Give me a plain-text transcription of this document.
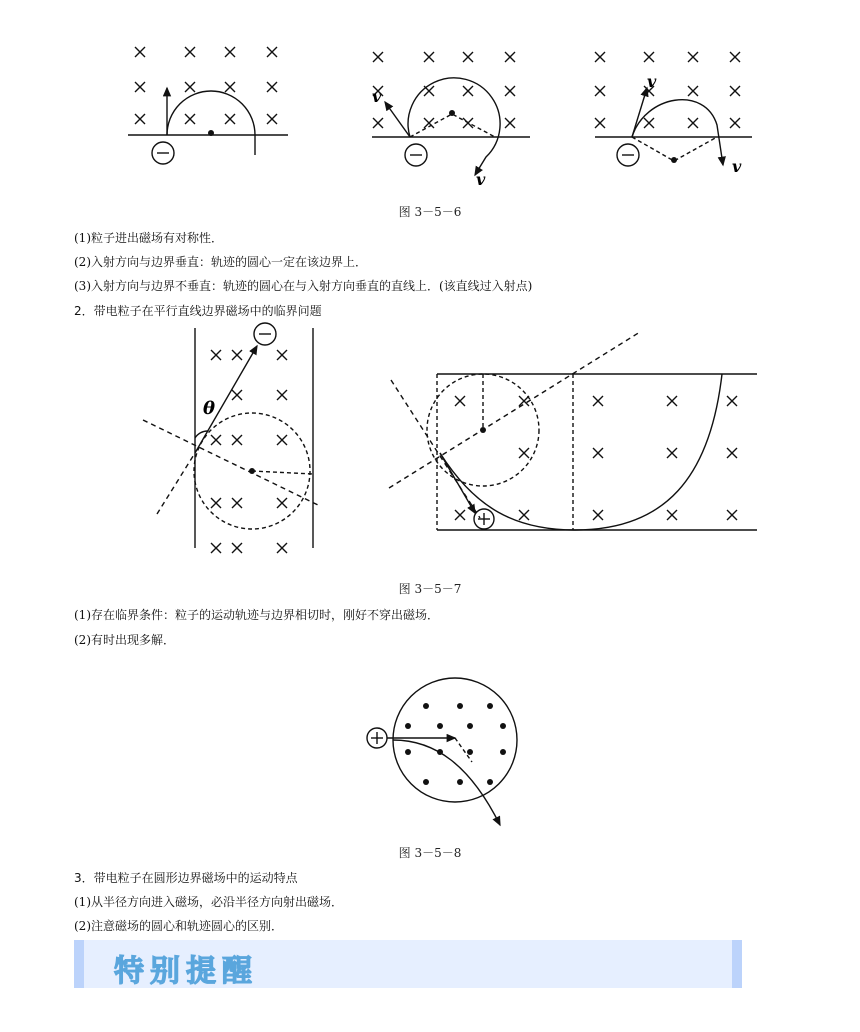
v
v
v
v
图 3－5－6
(1)粒子进出磁场有对称性．
(2)入射方向与边界垂直：轨迹的圆心一定在该边界上．
(3)入射方向与边界不垂直：轨迹的圆心在与入射方向垂直的直线上．(该直线过入射点)
2．带电粒子在平行直线边界磁场中的临界问题
θ
图 3－5－7
(1)存在临界条件：粒子的运动轨迹与边界相切时，刚好不穿出磁场．
(2)有时出现多解．
图 3－5－8
3．带电粒子在圆形边界磁场中的运动特点
(1)从半径方向进入磁场，必沿半径方向射出磁场．
(2)注意磁场的圆心和轨迹圆心的区别．
特别提醒
